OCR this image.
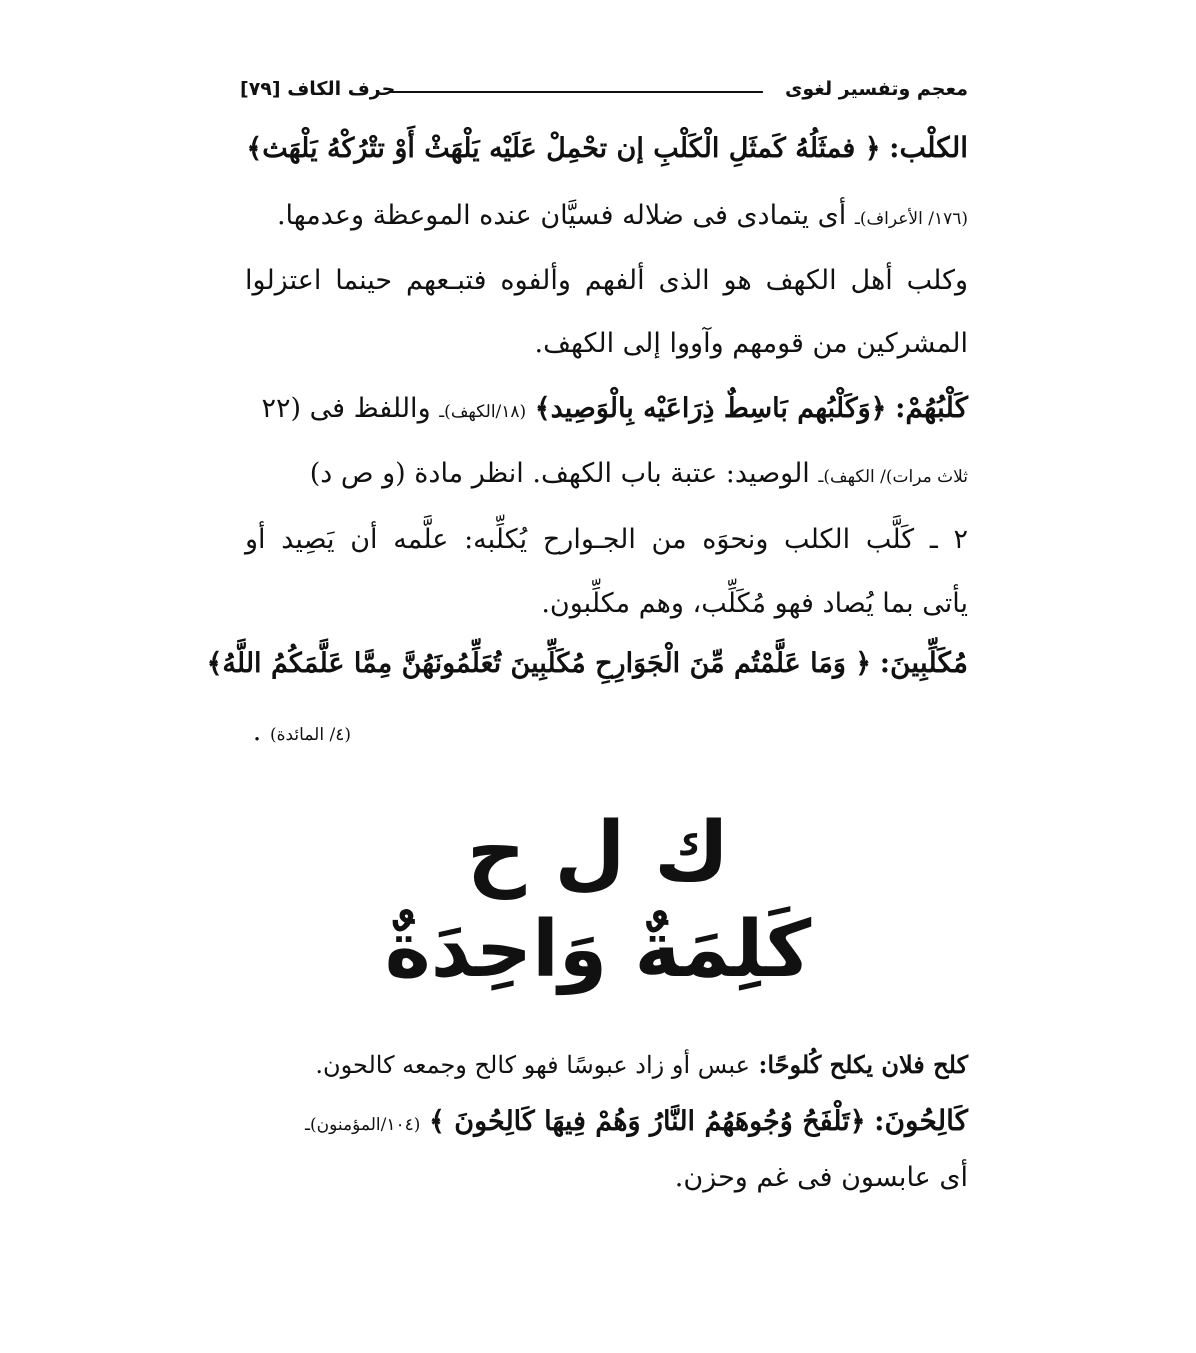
معجم وتفسير لغوى
حرف الكاف [٧٩]
الكلْب: ﴿ فمثَلُهُ كَمثَلِ الْكَلْبِ إن تحْمِلْ عَلَيْه يَلْهَثْ أَوْ تتْرُكْهُ يَلْهَث﴾
(١٧٦/ الأعراف)ـ أى يتمادى فى ضلاله فسيَّان عنده الموعظة وعدمها.
وكلب أهل الكهف هو الذى ألفهم وألفوه فتبـعهم حينما اعتزلوا
المشركين من قومهم وآووا إلى الكهف.
كَلْبُهُمْ: ﴿وَكَلْبُهم بَاسِطٌ ذِرَاعَيْه بِالْوَصِيد﴾ (١٨/الكهف)ـ واللفظ فى (٢٢
ثلاث مرات)/ الكهف)ـ الوصيد: عتبة باب الكهف. انظر مادة (و ص د)
٢ ـ كَلَّب الكلب ونحوَه من الجـوارح يُكلِّبه: علَّمه أن يَصِيد أو
يأتى بما يُصاد فهو مُكَلِّب، وهم مكلِّبون.
مُكَلِّبِينَ: ﴿ وَمَا عَلَّمْتُم مِّنَ الْجَوَارِحِ مُكَلِّبِينَ تُعَلِّمُونَهُنَّ مِمَّا عَلَّمَكُمُ اللَّهُ﴾
(٤/ المائدة) .
ك ل ح
كَلِمَةٌ وَاحِدَةٌ
كلح فلان يكلح كُلوحًا: عبس أو زاد عبوسًا فهو كالح وجمعه كالحون.
كَالِحُونَ: ﴿تَلْفَحُ وُجُوهَهُمُ النَّارُ وَهُمْ فِيهَا كَالِحُونَ ﴾ (١٠٤/المؤمنون)ـ
أى عابسون فى غم وحزن.
